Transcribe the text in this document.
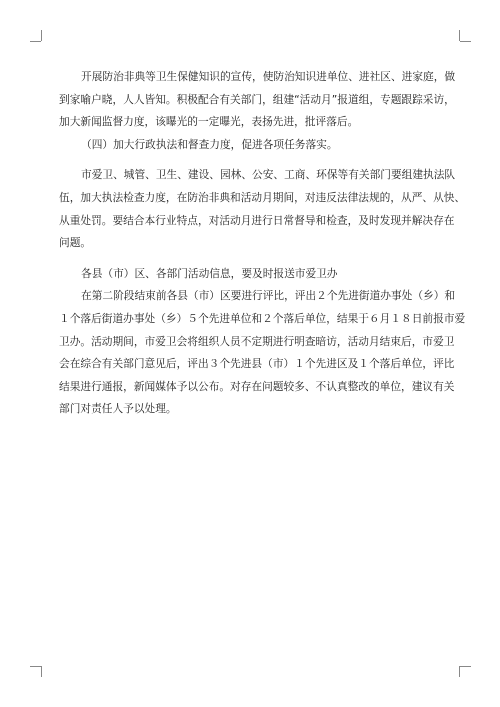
开展防治非典等卫生保健知识的宣传，使防治知识进单位、进社区、进家庭，做
到家喻户晓，人人皆知。积极配合有关部门，组建“活动月”报道组，专题跟踪采访，
加大新闻监督力度，该曝光的一定曝光，表扬先进，批评落后。

（四）加大行政执法和督查力度，促进各项任务落实。

市爱卫、城管、卫生、建设、园林、公安、工商、环保等有关部门要组建执法队
伍，加大执法检查力度，在防治非典和活动月期间，对违反法律法规的，从严、从快、
从重处罚。要结合本行业特点，对活动月进行日常督导和检查，及时发现并解决存在
问题。

各县（市）区、各部门活动信息，要及时报送市爱卫办

在第二阶段结束前各县（市）区要进行评比，评出２个先进街道办事处（乡）和
１个落后街道办事处（乡）５个先进单位和２个落后单位，结果于６月１８日前报市爱
卫办。活动期间，市爱卫会将组织人员不定期进行明查暗访，活动月结束后，市爱卫
会在综合有关部门意见后，评出３个先进县（市）１个先进区及１个落后单位，评比
结果进行通报，新闻媒体予以公布。对存在问题较多、不认真整改的单位，建议有关
部门对责任人予以处理。
